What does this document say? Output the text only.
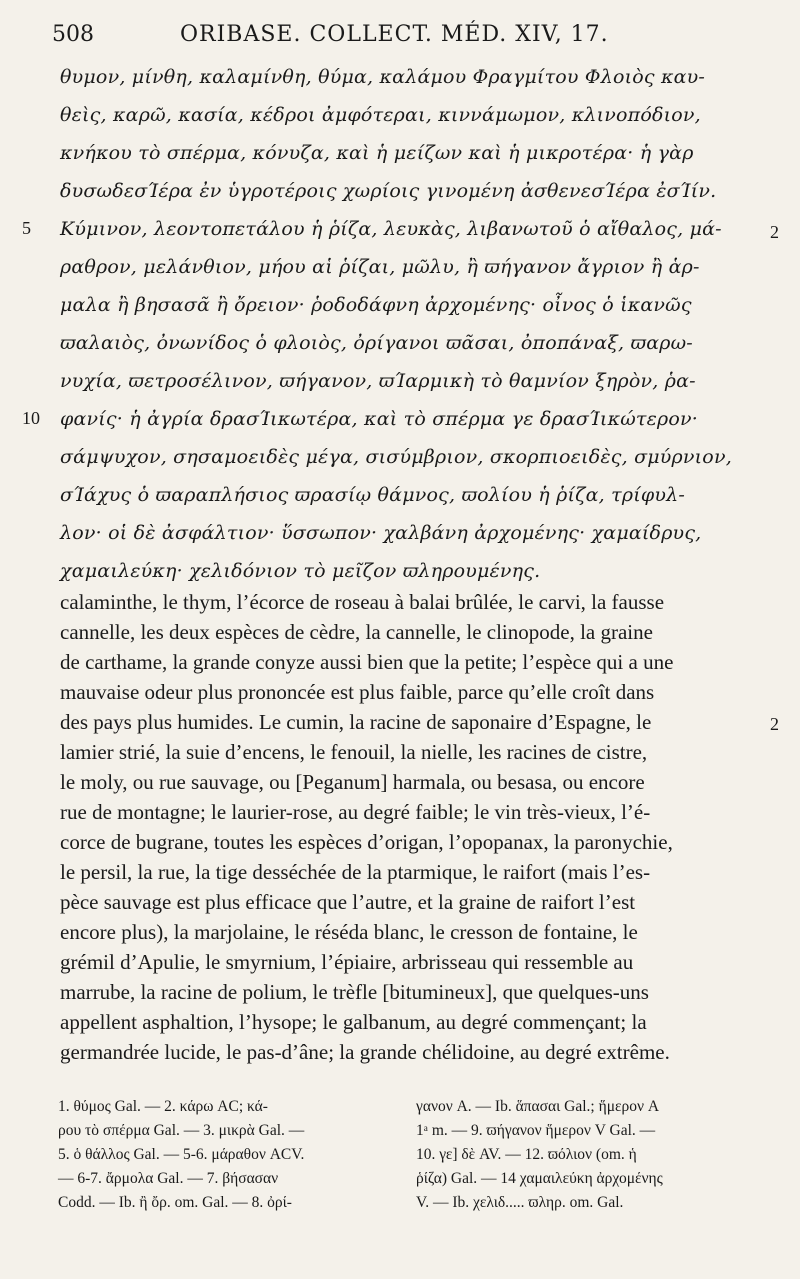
508	ORIBASE. COLLECT. MÉD. XIV, 17.
θυμον, μίνθη, καλαμίνθη, θύμα, καλάμου Φραγμίτου Φλοιὸς καυ-
θεὶς, καρῶ, κασία, κέδροι ἀμφότεραι, κιννάμωμον, κλινοπόδιον,
κνήκου τὸ σπέρμα, κόνυζα, καὶ ἡ μείζων καὶ ἡ μικροτέρα· ἡ γὰρ
δυσωδεσΊέρα ἐν ὑγροτέροις χωρίοις γινομένη ἀσθενεσΊέρα ἐσΊίν.
5 Κύμινον, λεοντοπετάλου ἡ ῥίζα, λευκὰς, λιβανωτοῦ ὁ αἴθαλος, μά-	2
ραθρον, μελάνθιον, μήου αἱ ῥίζαι, μῶλυ, ἢ ϖήγανον ἄγριον ἢ ἁρ-
μαλα ἢ βησασᾶ ἢ ὄρειον· ῥοδοδάφνη ἀρχομένης· οἶνος ὁ ἱκανῶς
ϖαλαιὸς, ὀνωνίδος ὁ φλοιὸς, ὀρίγανοι ϖᾶσαι, ὀποπάναξ, ϖαρω-
νυχία, ϖετροσέλινον, ϖήγανον, ϖΊαρμικὴ τὸ θαμνίον ξηρὸν, ῥα-
10 φανίς· ἡ ἀγρία δρασΊικωτέρα, καὶ τὸ σπέρμα γε δρασΊικώτερον·
σάμψυχον, σησαμοειδὲς μέγα, σισύμβριον, σκορπιοειδὲς, σμύρνιον,
σΊάχυς ὁ ϖαραπλήσιος ϖρασίῳ θάμνος, ϖολίου ἡ ῥίζα, τρίφυλ-
λον· οἱ δὲ ἀσφάλτιον· ὕσσωπον· χαλβάνη ἀρχομένης· χαμαίδρυς,
χαμαιλεύκη· χελιδόνιον τὸ μεῖζον ϖληρουμένης.
calaminthe, le thym, l’écorce de roseau à balai brûlée, le carvi, la fausse
cannelle, les deux espèces de cèdre, la cannelle, le clinopode, la graine
de carthame, la grande conyze aussi bien que la petite; l’espèce qui a une
mauvaise odeur plus prononcée est plus faible, parce qu’elle croît dans
des pays plus humides. Le cumin, la racine de saponaire d’Espagne, le	2
lamier strié, la suie d’encens, le fenouil, la nielle, les racines de cistre,
le moly, ou rue sauvage, ou [Peganum] harmala, ou besasa, ou encore
rue de montagne; le laurier-rose, au degré faible; le vin très-vieux, l’é-
corce de bugrane, toutes les espèces d’origan, l’opopanax, la paronychie,
le persil, la rue, la tige desséchée de la ptarmique, le raifort (mais l’es-
pèce sauvage est plus efficace que l’autre, et la graine de raifort l’est
encore plus), la marjolaine, le réséda blanc, le cresson de fontaine, le
grémil d’Apulie, le smyrnium, l’épiaire, arbrisseau qui ressemble au
marrube, la racine de polium, le trèfle [bitumineux], que quelques-uns
appellent asphaltion, l’hysope; le galbanum, au degré commençant; la
germandrée lucide, le pas-d’âne; la grande chélidoine, au degré extrême.
1. θύμος Gal. — 2. κάρω AC; κά-
ρου τὸ σπέρμα Gal. — 3. μικρὰ Gal. —
5. ὁ θάλλος Gal. — 5-6. μάραθον ACV.
— 6-7. ἄρμολα Gal. — 7. βήσασαν
Codd. — Ib. ἢ ὄρ. om. Gal. — 8. ὀρί-
γανον A. — Ib. ἅπασαι Gal.; ἥμερον A
1ᵃ m. — 9. ϖήγανον ἥμερον V Gal. —
10. γε] δὲ AV. — 12. ϖόλιον (om. ἡ
ῥίζα) Gal. — 14 χαμαιλεύκη ἀρχομένης
V. — Ib. χελιδ..... ϖληρ. om. Gal.
